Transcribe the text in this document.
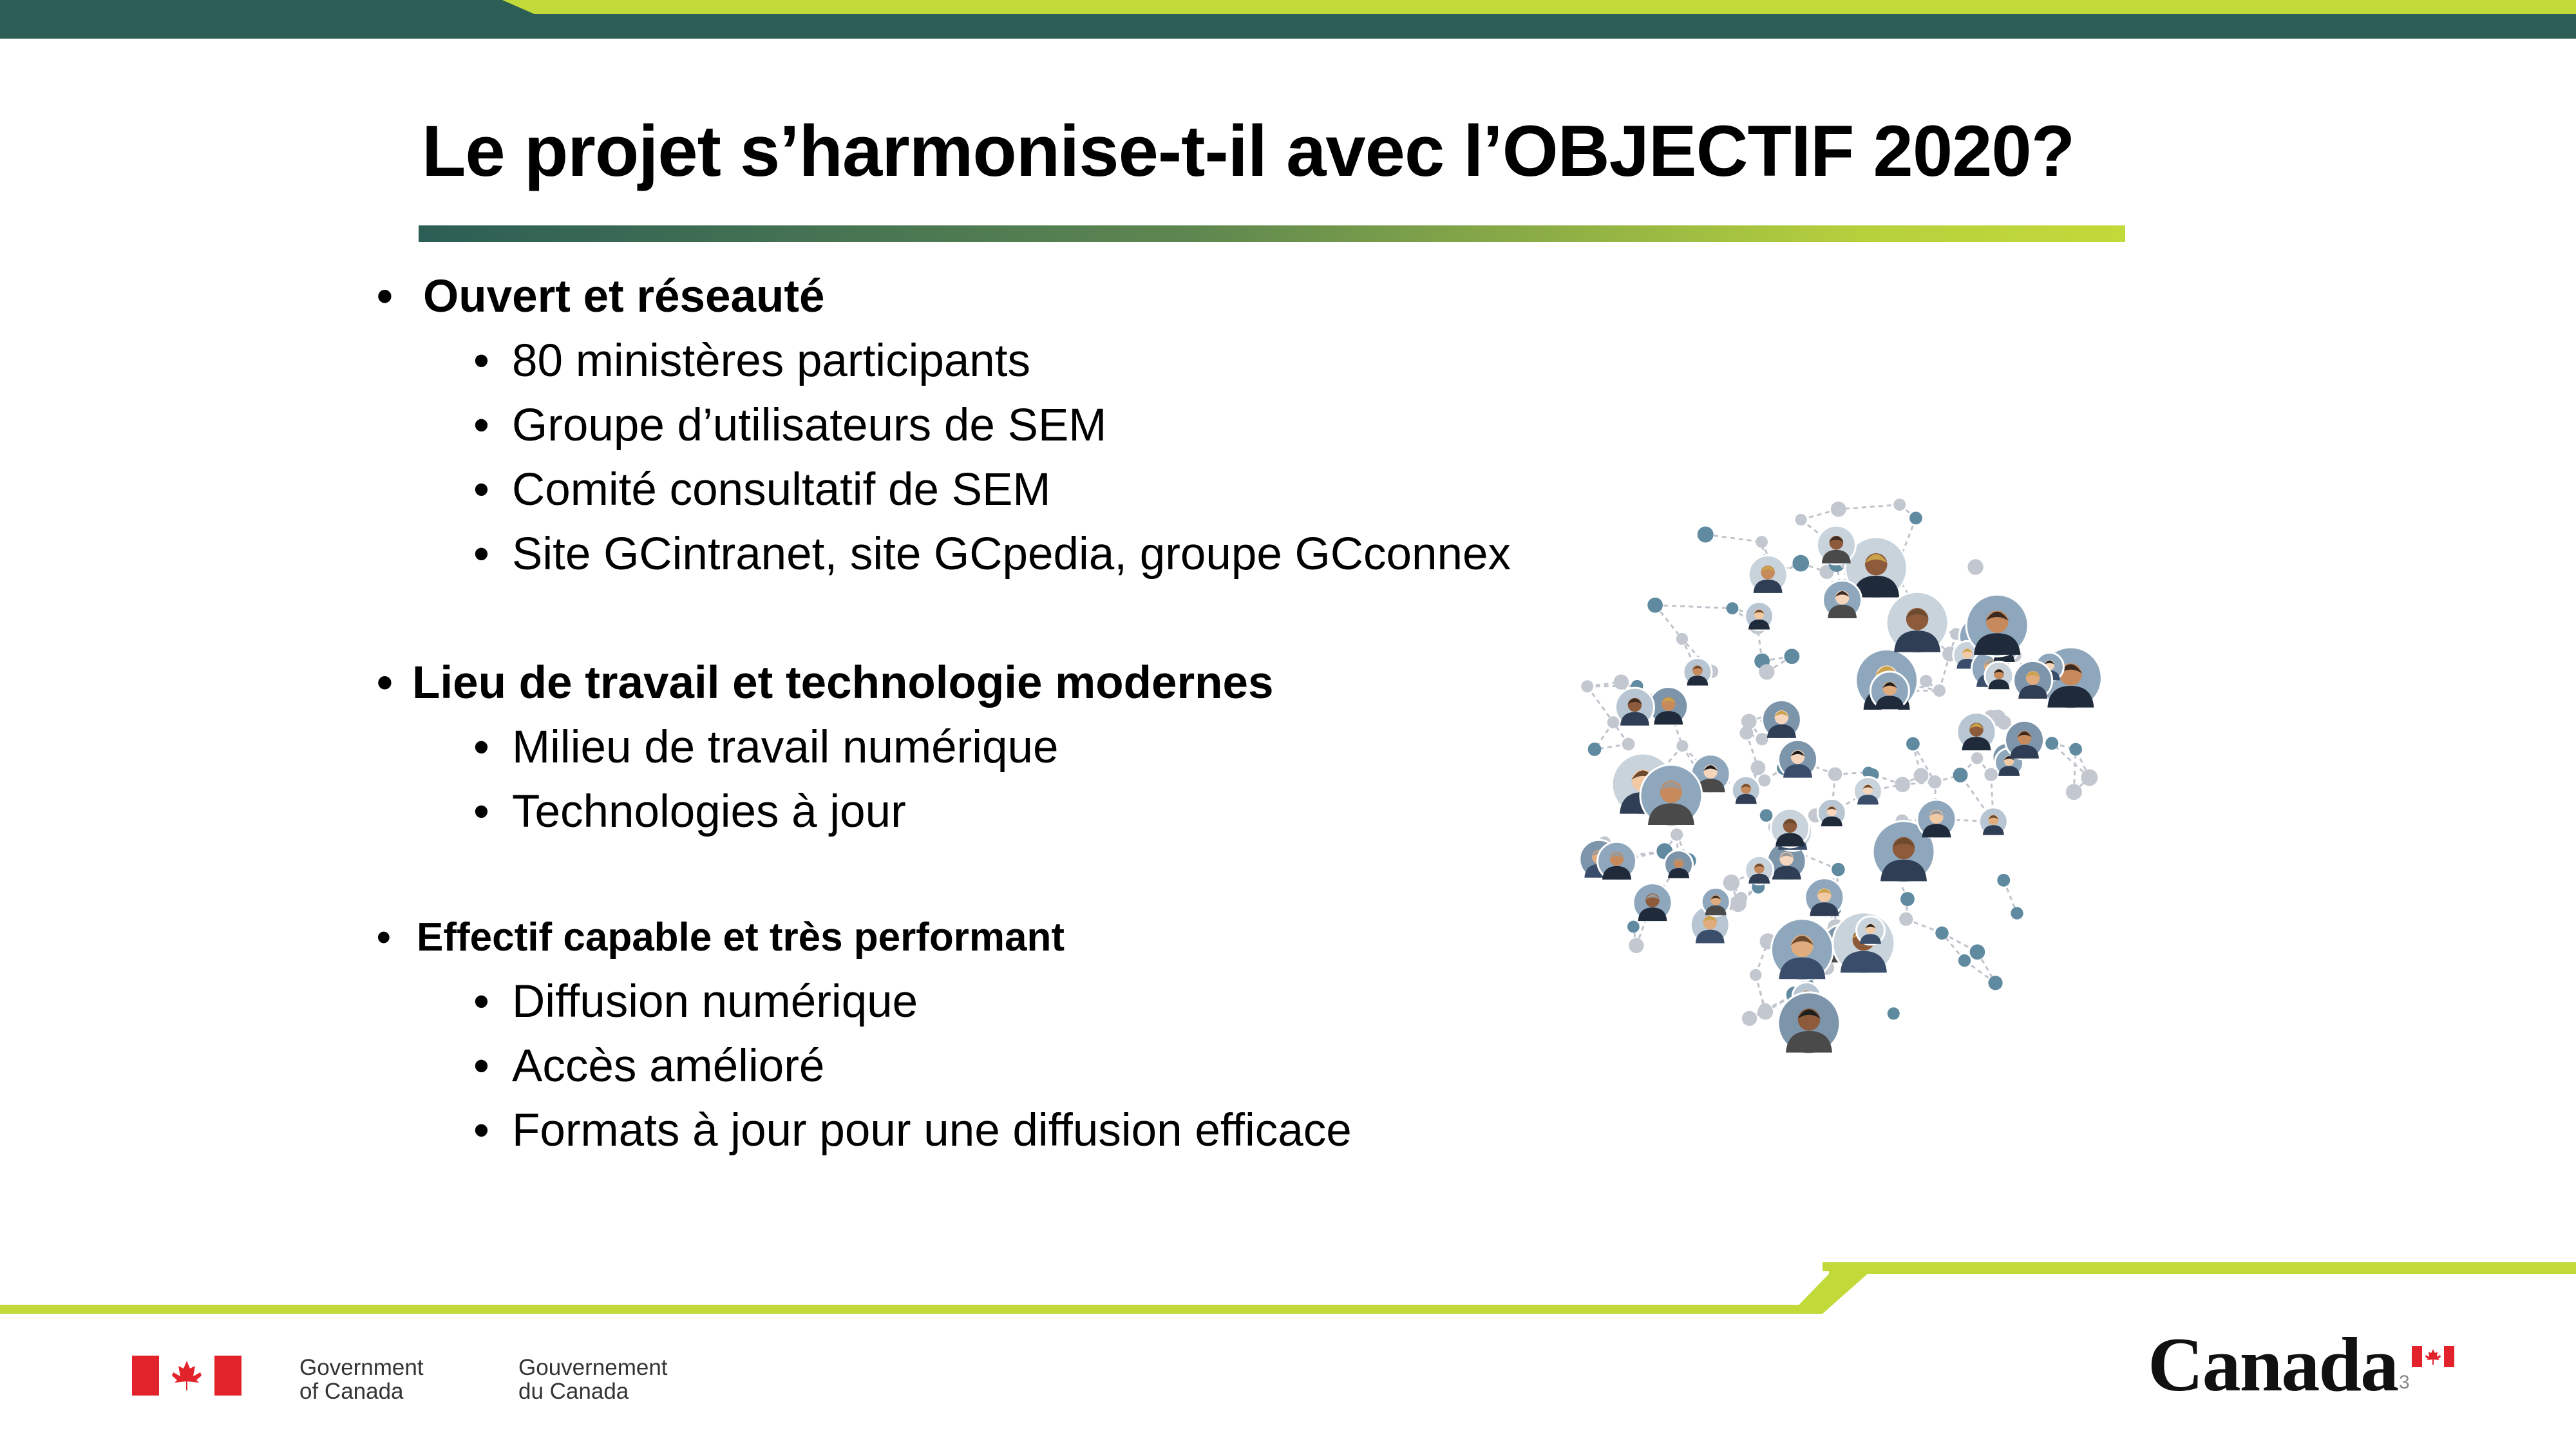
Le projet s’harmonise-t-il avec l’OBJECTIF 2020?
• Ouvert et réseauté
• 80 ministères participants
• Groupe d’utilisateurs de SEM
• Comité consultatif de SEM
• Site GCintranet, site GCpedia, groupe GCconnex
• Lieu de travail et technologie modernes
• Milieu de travail numérique
• Technologies à jour
• Effectif capable et très performant
• Diffusion numérique
• Accès amélioré
• Formats à jour pour une diffusion efficace
Government
of Canada
Gouvernement
du Canada	Canada 3
